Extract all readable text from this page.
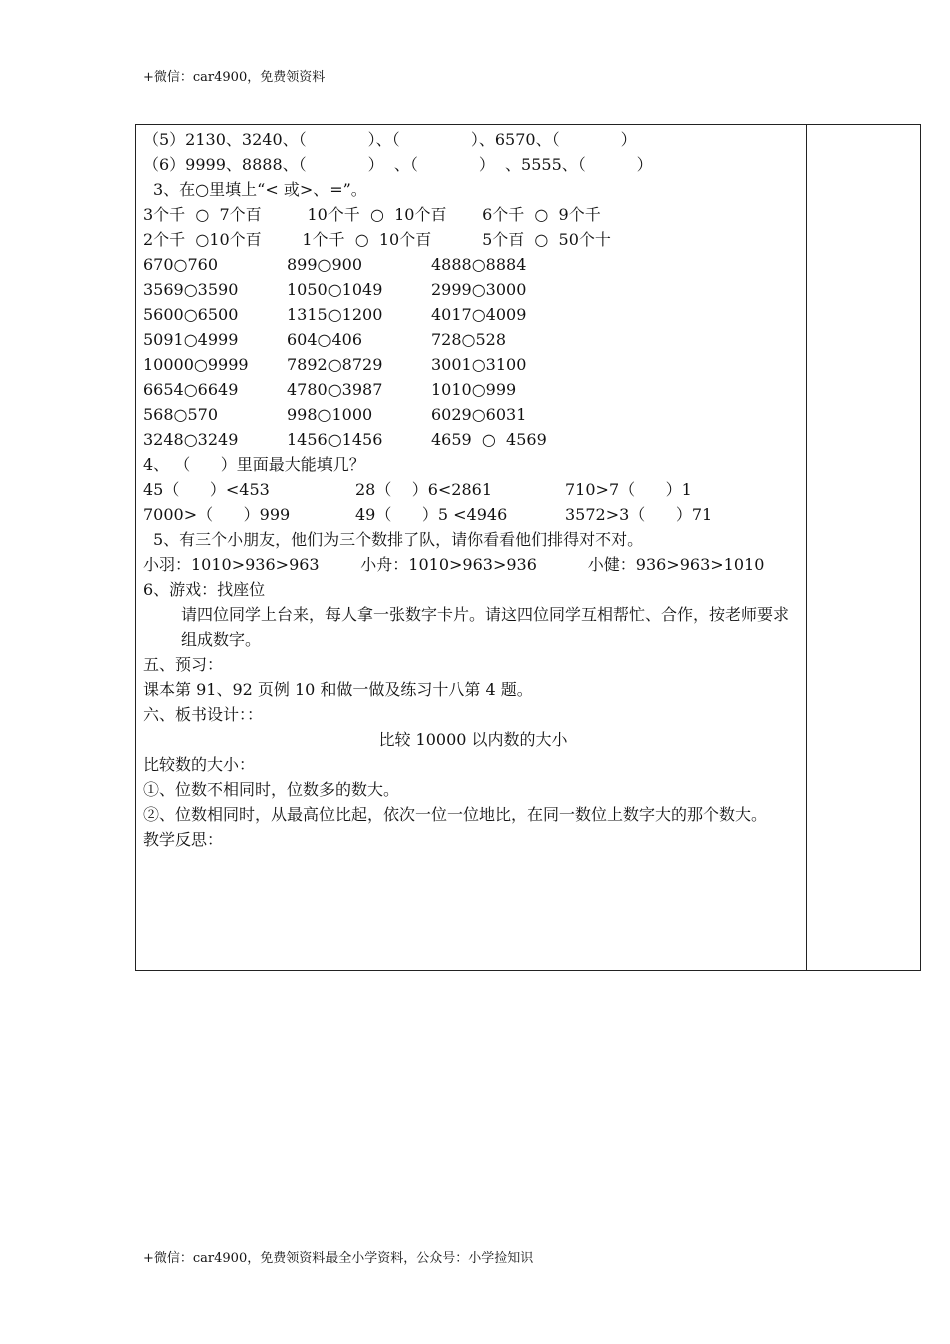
+微信：car4900，免费领资料
（5）2130、3240、（            ）、（              ）、6570、（            ）
（6）9999、8888、（            ）  、（            ）  、5555、（          ）
3、在○里填上“< 或>、=”。
3个千  ○  7个百         10个千  ○  10个百       6个千  ○  9个千
2个千  ○10个百        1个千  ○  10个百          5个百  ○  50个十
670○760	899○900	4888○8884
3569○3590	1050○1049	2999○3000
5600○6500	1315○1200	4017○4009
5091○4999	604○406	728○528
10000○9999 7892○8729	3001○3100
6654○6649	4780○3987	1010○999
568○570	998○1000	6029○6031
3248○3249	1456○1456	4659  ○  4569
4、 （      ）里面最大能填几？
45（      ）<453	28（    ）6<2861	710>7（      ）1
7000>（      ）999	49（      ）5 <4946	3572>3（      ）71
5、有三个小朋友，他们为三个数排了队，请你看看他们排得对不对。
小羽：1010>936>963        小舟：1010>963>936          小健：936>963>1010
6、游戏：找座位
请四位同学上台来，每人拿一张数字卡片。请这四位同学互相帮忙、合作，按老师要求组成数字。
五、预习：
课本第 91、92 页例 10 和做一做及练习十八第 4 题。
六、板书设计：：
比较 10000 以内数的大小
比较数的大小：
①、位数不相同时，位数多的数大。
②、位数相同时，从最高位比起，依次一位一位地比，在同一数位上数字大的那个数大。
教学反思：
+微信：car4900，免费领资料最全小学资料，公众号：小学捡知识
